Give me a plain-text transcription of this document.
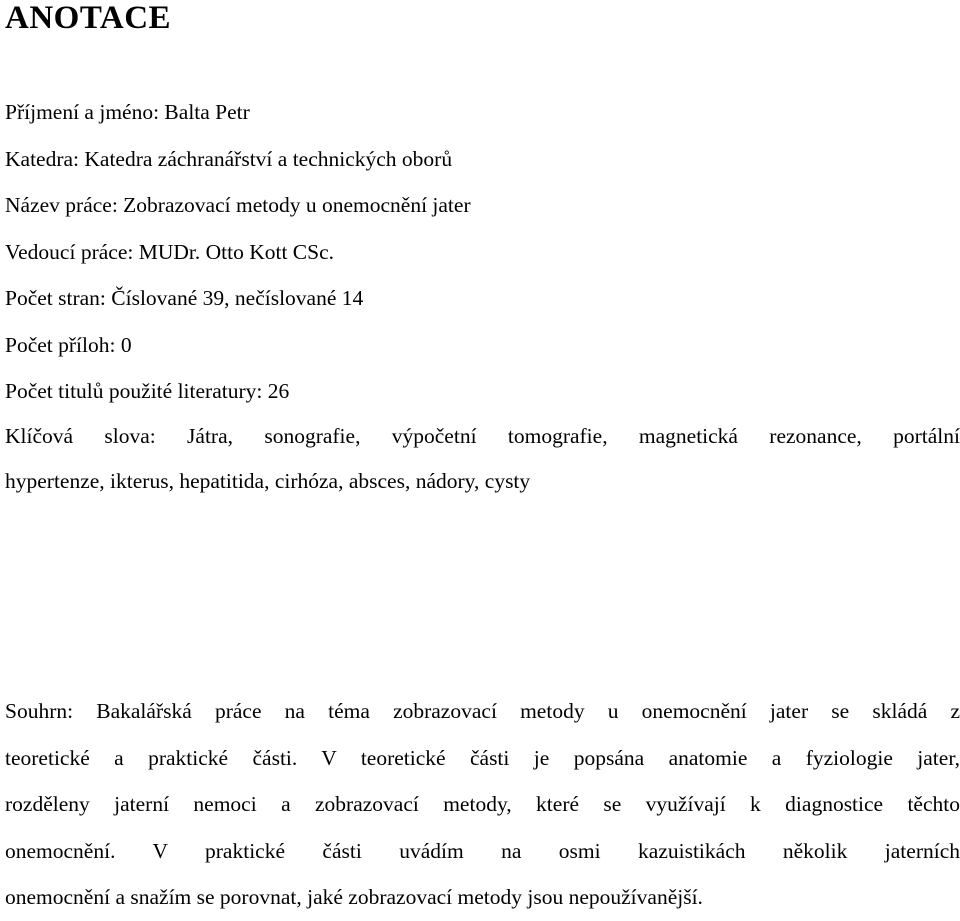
ANOTACE
Příjmení a jméno: Balta Petr
Katedra: Katedra záchranářství a technických oborů
Název práce: Zobrazovací metody u onemocnění jater
Vedoucí práce: MUDr. Otto Kott CSc.
Počet stran: Číslované 39, nečíslované 14
Počet příloh: 0
Počet titulů použité literatury: 26
Klíčová slova: Játra, sonografie, výpočetní tomografie, magnetická rezonance, portální
hypertenze, ikterus, hepatitida, cirhóza, absces, nádory, cysty
Souhrn: Bakalářská práce na téma zobrazovací metody u onemocnění jater se skládá z
teoretické a praktické části. V teoretické části je popsána anatomie a fyziologie jater,
rozděleny jaterní nemoci a zobrazovací metody, které se využívají k diagnostice těchto
onemocnění. V praktické části uvádím na osmi kazuistikách několik jaterních
onemocnění a snažím se porovnat, jaké zobrazovací metody jsou nepoužívanější.
